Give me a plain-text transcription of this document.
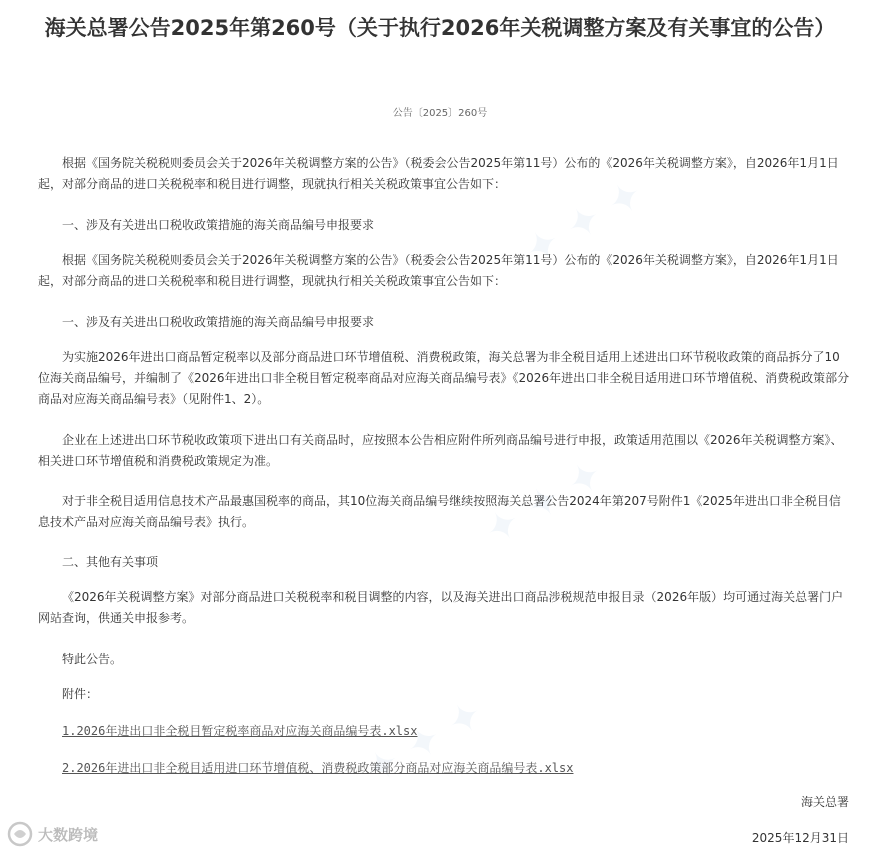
✦ ✦ ✦
✦ ✦ ✦
✦ ✦ ✦
海关总署公告2025年第260号（关于执行2026年关税调整方案及有关事宜的公告）
公告〔2025〕260号

根据《国务院关税税则委员会关于2026年关税调整方案的公告》（税委会公告2025年第11号）公布的《2026年关税调整方案》，自2026年1月1日起，对部分商品的进口关税税率和税目进行调整，现就执行相关关税政策事宜公告如下：

一、涉及有关进出口税收政策措施的海关商品编号申报要求

根据《国务院关税税则委员会关于2026年关税调整方案的公告》（税委会公告2025年第11号）公布的《2026年关税调整方案》，自2026年1月1日起，对部分商品的进口关税税率和税目进行调整，现就执行相关关税政策事宜公告如下：

一、涉及有关进出口税收政策措施的海关商品编号申报要求

为实施2026年进出口商品暂定税率以及部分商品进口环节增值税、消费税政策，海关总署为非全税目适用上述进出口环节税收政策的商品拆分了10位海关商品编号，并编制了《2026年进出口非全税目暂定税率商品对应海关商品编号表》《2026年进出口非全税目适用进口环节增值税、消费税政策部分商品对应海关商品编号表》（见附件1、2）。

企业在上述进出口环节税收政策项下进出口有关商品时，应按照本公告相应附件所列商品编号进行申报，政策适用范围以《2026年关税调整方案》、相关进口环节增值税和消费税政策规定为准。

对于非全税目适用信息技术产品最惠国税率的商品，其10位海关商品编号继续按照海关总署公告2024年第207号附件1《2025年进出口非全税目信息技术产品对应海关商品编号表》执行。

二、其他有关事项

《2026年关税调整方案》对部分商品进口关税税率和税目调整的内容，以及海关进出口商品涉税规范申报目录（2026年版）均可通过海关总署门户网站查询，供通关申报参考。

特此公告。

附件：

1.2026年进出口非全税目暂定税率商品对应海关商品编号表.xlsx
2.2026年进出口非全税目适用进口环节增值税、消费税政策部分商品对应海关商品编号表.xlsx
海关总署
2025年12月31日
大数跨境
